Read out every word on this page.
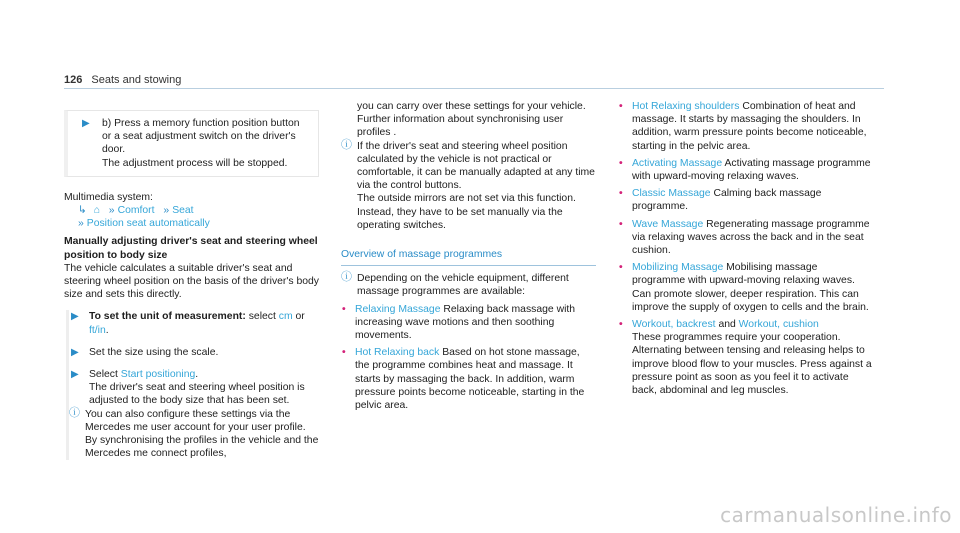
126 Seats and stowing
▶ b) Press a memory function position button or a seat adjustment switch on the driver's door.
The adjustment process will be stopped.
Multimedia system:
↳ ⌂ » Comfort » Seat
» Position seat automatically
Manually adjusting driver's seat and steering wheel position to body size
The vehicle calculates a suitable driver's seat and steering wheel position on the basis of the driver's body size and sets this directly.
▶ To set the unit of measurement: select cm or ft/in.
▶ Set the size using the scale.
▶ Select Start positioning.
The driver's seat and steering wheel position is adjusted to the body size that has been set.
ⓘ You can also configure these settings via the Mercedes me user account for your user profile. By synchronising the profiles in the vehicle and the Mercedes me connect profiles,
you can carry over these settings for your vehicle. Further information about synchronising user profiles .
ⓘ If the driver's seat and steering wheel position calculated by the vehicle is not practical or comfortable, it can be manually adapted at any time via the control buttons.
The outside mirrors are not set via this function. Instead, they have to be set manually via the operating switches.
Overview of massage programmes
ⓘ Depending on the vehicle equipment, different massage programmes are available:
• Relaxing Massage Relaxing back massage with increasing wave motions and then soothing movements.
• Hot Relaxing back Based on hot stone massage, the programme combines heat and massage. It starts by massaging the back. In addition, warm pressure points become noticeable, starting in the pelvic area.
• Hot Relaxing shoulders Combination of heat and massage. It starts by massaging the shoulders. In addition, warm pressure points become noticeable, starting in the pelvic area.
• Activating Massage Activating massage programme with upward-moving relaxing waves.
• Classic Massage Calming back massage programme.
• Wave Massage Regenerating massage programme via relaxing waves across the back and in the seat cushion.
• Mobilizing Massage Mobilising massage programme with upward-moving relaxing waves. Can promote slower, deeper respiration. This can improve the supply of oxygen to cells and the brain.
• Workout, backrest and Workout, cushion
These programmes require your cooperation. Alternating between tensing and releasing helps to improve blood flow to your muscles. Press against a pressure point as soon as you feel it to activate back, abdominal and leg muscles.
carmanualsonline.info
